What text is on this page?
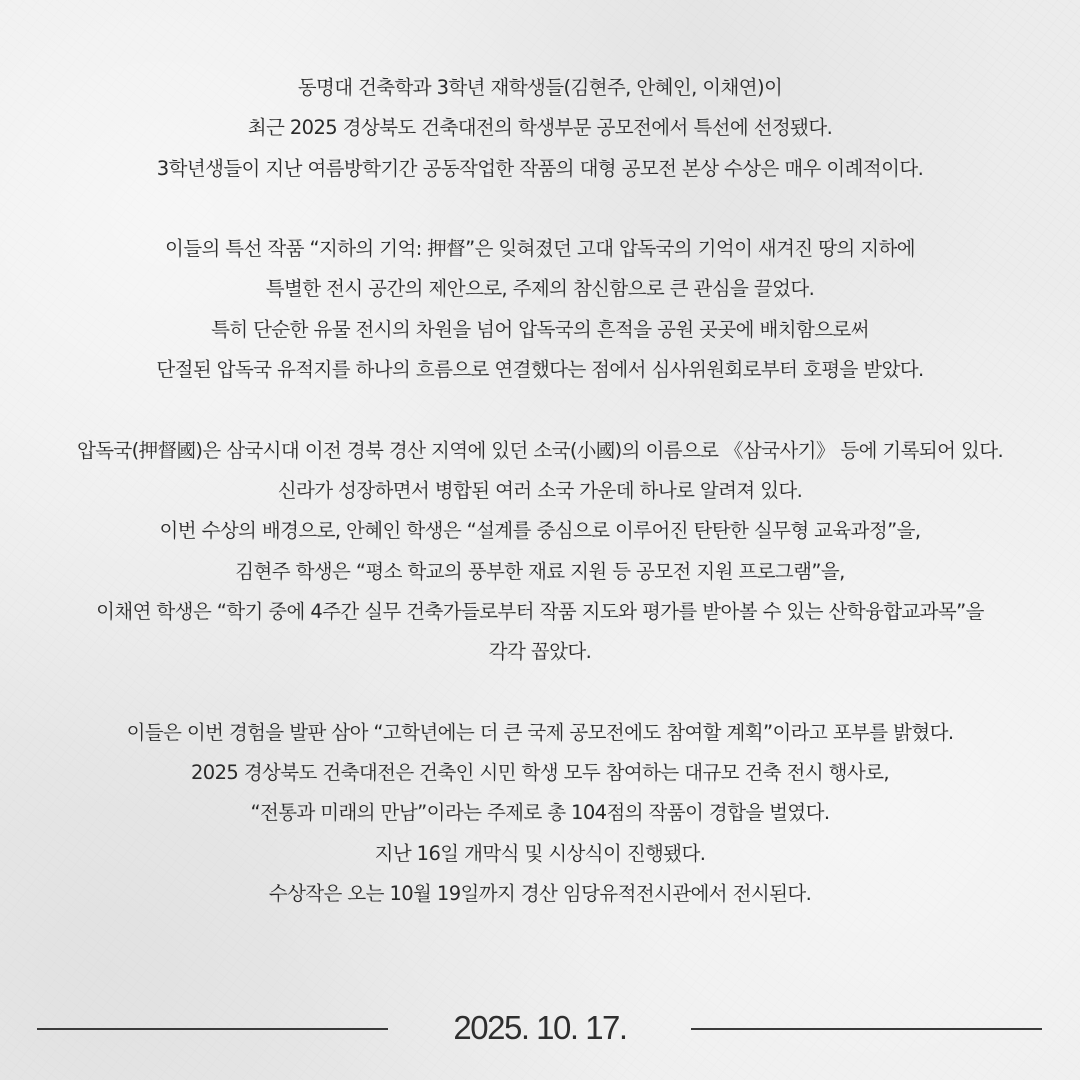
동명대 건축학과 3학년 재학생들(김현주, 안혜인, 이채연)이
최근 2025 경상북도 건축대전의 학생부문 공모전에서 특선에 선정됐다.
3학년생들이 지난 여름방학기간 공동작업한 작품의 대형 공모전 본상 수상은 매우 이례적이다.
이들의 특선 작품 “지하의 기억: 押督”은 잊혀졌던 고대 압독국의 기억이 새겨진 땅의 지하에
특별한 전시 공간의 제안으로, 주제의 참신함으로 큰 관심을 끌었다.
특히 단순한 유물 전시의 차원을 넘어 압독국의 흔적을 공원 곳곳에 배치함으로써
단절된 압독국 유적지를 하나의 흐름으로 연결했다는 점에서 심사위원회로부터 호평을 받았다.
압독국(押督國)은 삼국시대 이전 경북 경산 지역에 있던 소국(小國)의 이름으로 《삼국사기》 등에 기록되어 있다.
신라가 성장하면서 병합된 여러 소국 가운데 하나로 알려져 있다.
이번 수상의 배경으로, 안혜인 학생은 “설계를 중심으로 이루어진 탄탄한 실무형 교육과정”을,
김현주 학생은 “평소 학교의 풍부한 재료 지원 등 공모전 지원 프로그램”을,
이채연 학생은 “학기 중에 4주간 실무 건축가들로부터 작품 지도와 평가를 받아볼 수 있는 산학융합교과목”을
각각 꼽았다.
이들은 이번 경험을 발판 삼아 “고학년에는 더 큰 국제 공모전에도 참여할 계획”이라고 포부를 밝혔다.
2025 경상북도 건축대전은 건축인 시민 학생 모두 참여하는 대규모 건축 전시 행사로,
“전통과 미래의 만남”이라는 주제로 총 104점의 작품이 경합을 벌였다.
지난 16일 개막식 및 시상식이 진행됐다.
수상작은 오는 10월 19일까지 경산 임당유적전시관에서 전시된다.
2025. 10. 17.
